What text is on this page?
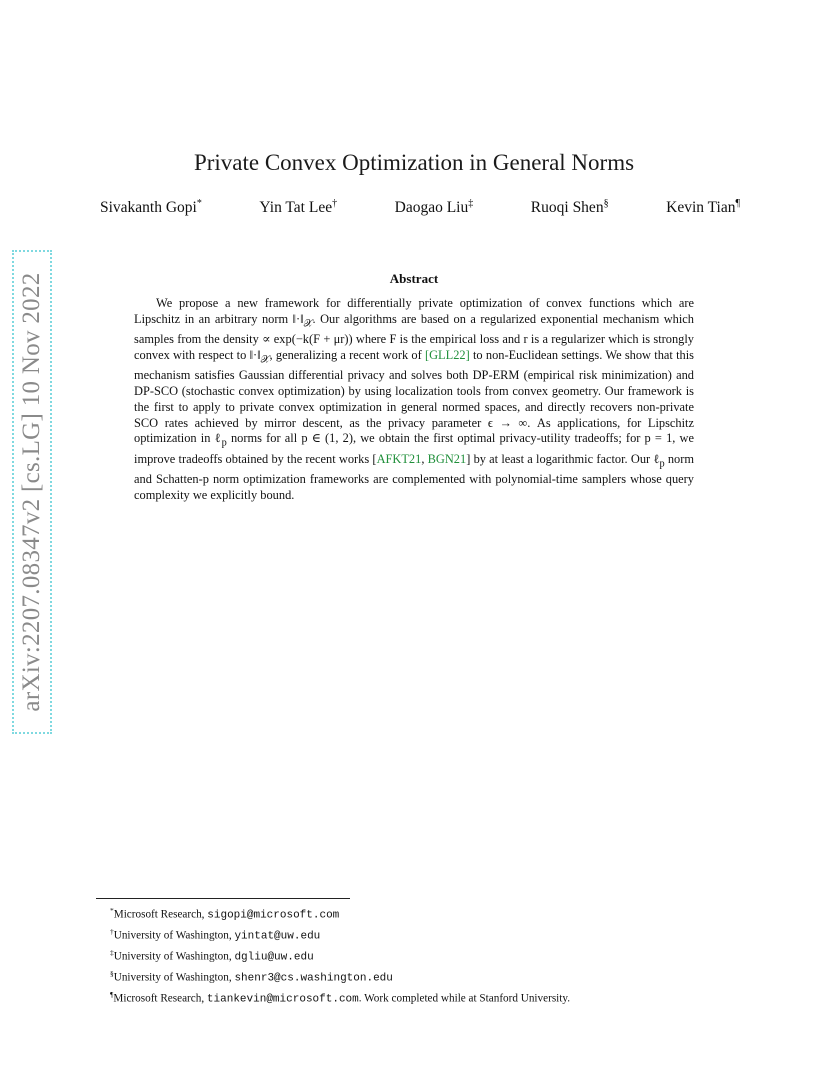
arXiv:2207.08347v2 [cs.LG] 10 Nov 2022
Private Convex Optimization in General Norms
Sivakanth Gopi*	Yin Tat Lee†	Daogao Liu‡	Ruoqi Shen§	Kevin Tian¶
Abstract
We propose a new framework for differentially private optimization of convex functions which are Lipschitz in an arbitrary norm $‖\cdot‖_𝒳$. Our algorithms are based on a regularized exponential mechanism which samples from the density ∝ exp(−k(F + μr)) where F is the empirical loss and r is a regularizer which is strongly convex with respect to $‖\cdot‖_𝒳$, generalizing a recent work of [GLL22] to non-Euclidean settings. We show that this mechanism satisfies Gaussian differential privacy and solves both DP-ERM (empirical risk minimization) and DP-SCO (stochastic convex optimization) by using localization tools from convex geometry. Our framework is the first to apply to private convex optimization in general normed spaces, and directly recovers non-private SCO rates achieved by mirror descent, as the privacy parameter ϵ → ∞. As applications, for Lipschitz optimization in ℓ$_p$ norms for all p ∈ (1, 2), we obtain the first optimal privacy-utility tradeoffs; for p = 1, we improve tradeoffs obtained by the recent works [AFKT21, BGN21] by at least a logarithmic factor. Our ℓ$_p$ norm and Schatten-p norm optimization frameworks are complemented with polynomial-time samplers whose query complexity we explicitly bound.
*Microsoft Research, sigopi@microsoft.com
†University of Washington, yintat@uw.edu
‡University of Washington, dgliu@uw.edu
§University of Washington, shenr3@cs.washington.edu
¶Microsoft Research, tiankevin@microsoft.com. Work completed while at Stanford University.
